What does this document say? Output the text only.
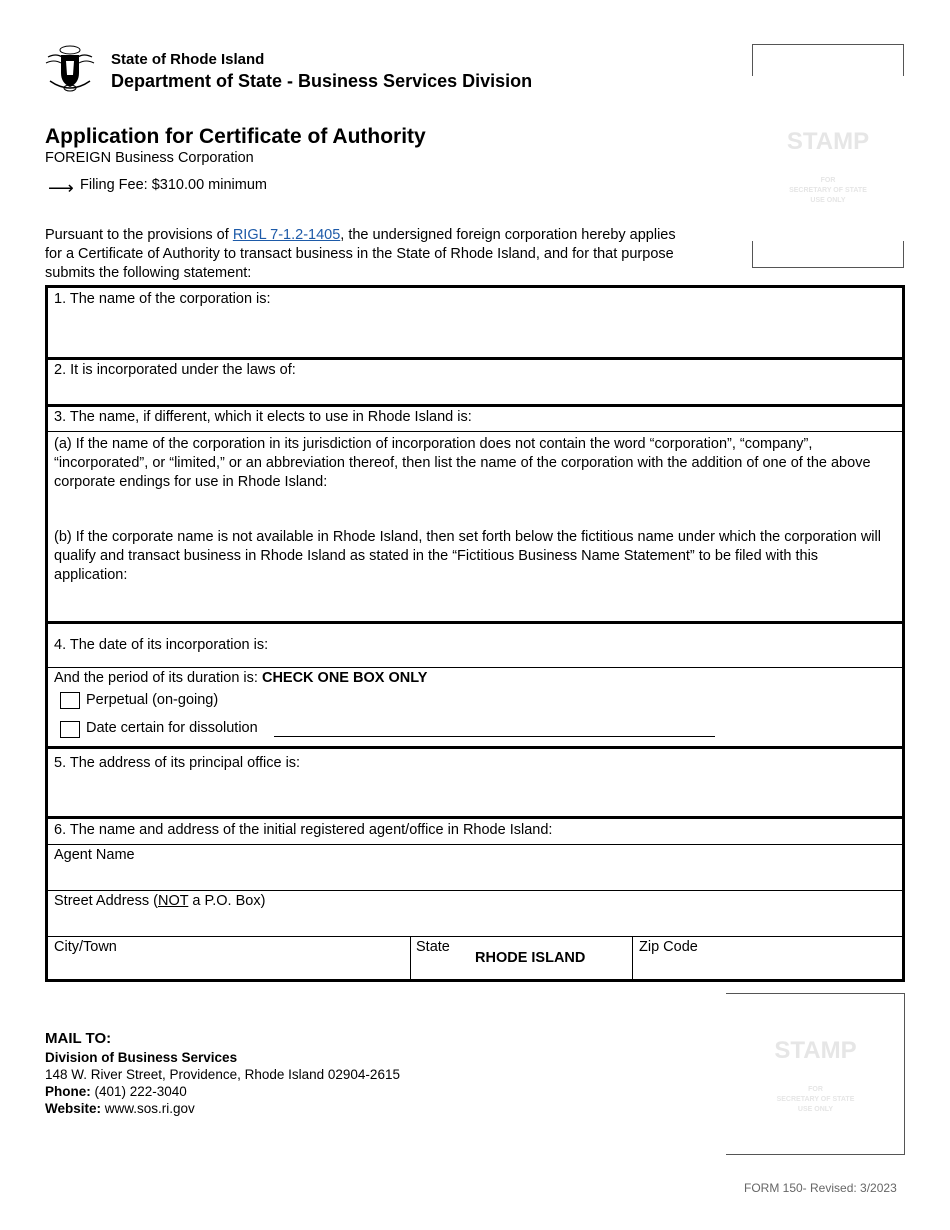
State of Rhode Island
Department of State - Business Services Division
STAMP
FOR
SECRETARY OF STATE
USE ONLY
Application for Certificate of Authority
FOREIGN Business Corporation
⟶ Filing Fee: $310.00 minimum
Pursuant to the provisions of RIGL 7-1.2-1405, the undersigned foreign corporation hereby applies for a Certificate of Authority to transact business in the State of Rhode Island, and for that purpose submits the following statement:
1. The name of the corporation is:
2. It is incorporated under the laws of:
3. The name, if different, which it elects to use in Rhode Island is:
(a) If the name of the corporation in its jurisdiction of incorporation does not contain the word “corporation”, “company”, “incorporated”, or “limited,” or an abbreviation thereof, then list the name of the corporation with the addition of one of the above corporate endings for use in Rhode Island:
(b) If the corporate name is not available in Rhode Island, then set forth below the fictitious name under which the corporation will qualify and transact business in Rhode Island as stated in the “Fictitious Business Name Statement” to be filed with this application:
4. The date of its incorporation is:
And the period of its duration is: CHECK ONE BOX ONLY
Perpetual (on-going)
Date certain for dissolution
5. The address of its principal office is:
6. The name and address of the initial registered agent/office in Rhode Island:
Agent Name
Street Address (NOT a P.O. Box)
City/Town	State
RHODE ISLAND
Zip Code
MAIL TO:
Division of Business Services
148 W. River Street, Providence, Rhode Island 02904-2615
Phone: (401) 222-3040
Website: www.sos.ri.gov
STAMP
FOR
SECRETARY OF STATE
USE ONLY
FORM 150- Revised: 3/2023
